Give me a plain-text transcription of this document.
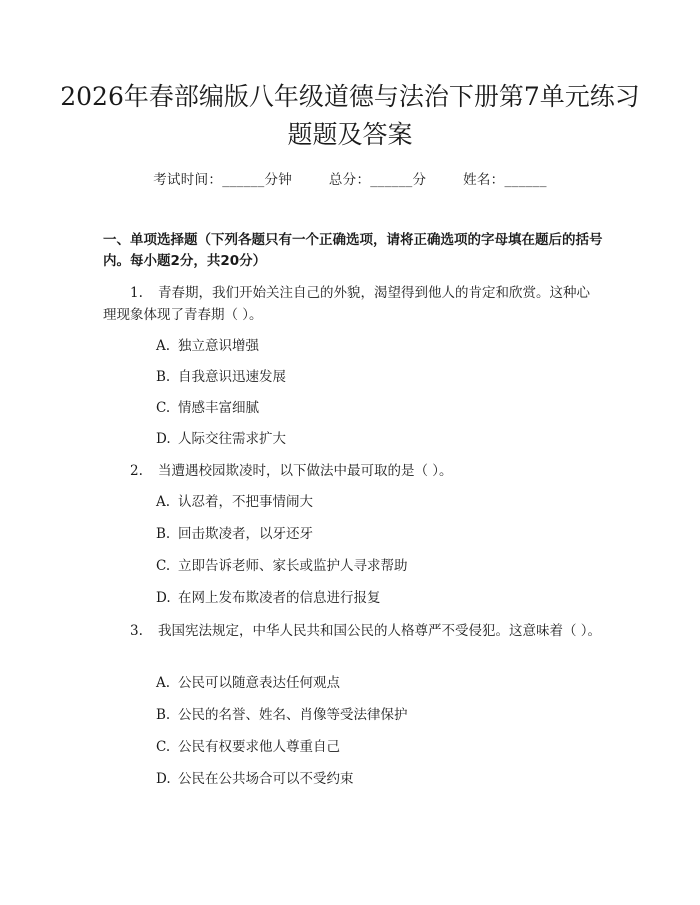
2026年春部编版八年级道德与法治下册第7单元练习题题及答案
考试时间：______分钟	总分：______分	姓名：______

一、单项选择题（下列各题只有一个正确选项，请将正确选项的字母填在题后的括号内。每小题2分，共20分）

1. 青春期，我们开始关注自己的外貌，渴望得到他人的肯定和欣赏。这种心理现象体现了青春期（ ）。

A. 独立意识增强

B. 自我意识迅速发展

C. 情感丰富细腻

D. 人际交往需求扩大

2. 当遭遇校园欺凌时，以下做法中最可取的是（ ）。

A. 认忍着，不把事情闹大

B. 回击欺凌者，以牙还牙

C. 立即告诉老师、家长或监护人寻求帮助

D. 在网上发布欺凌者的信息进行报复

3. 我国宪法规定，中华人民共和国公民的人格尊严不受侵犯。这意味着（ ）。

A. 公民可以随意表达任何观点

B. 公民的名誉、姓名、肖像等受法律保护

C. 公民有权要求他人尊重自己

D. 公民在公共场合可以不受约束
